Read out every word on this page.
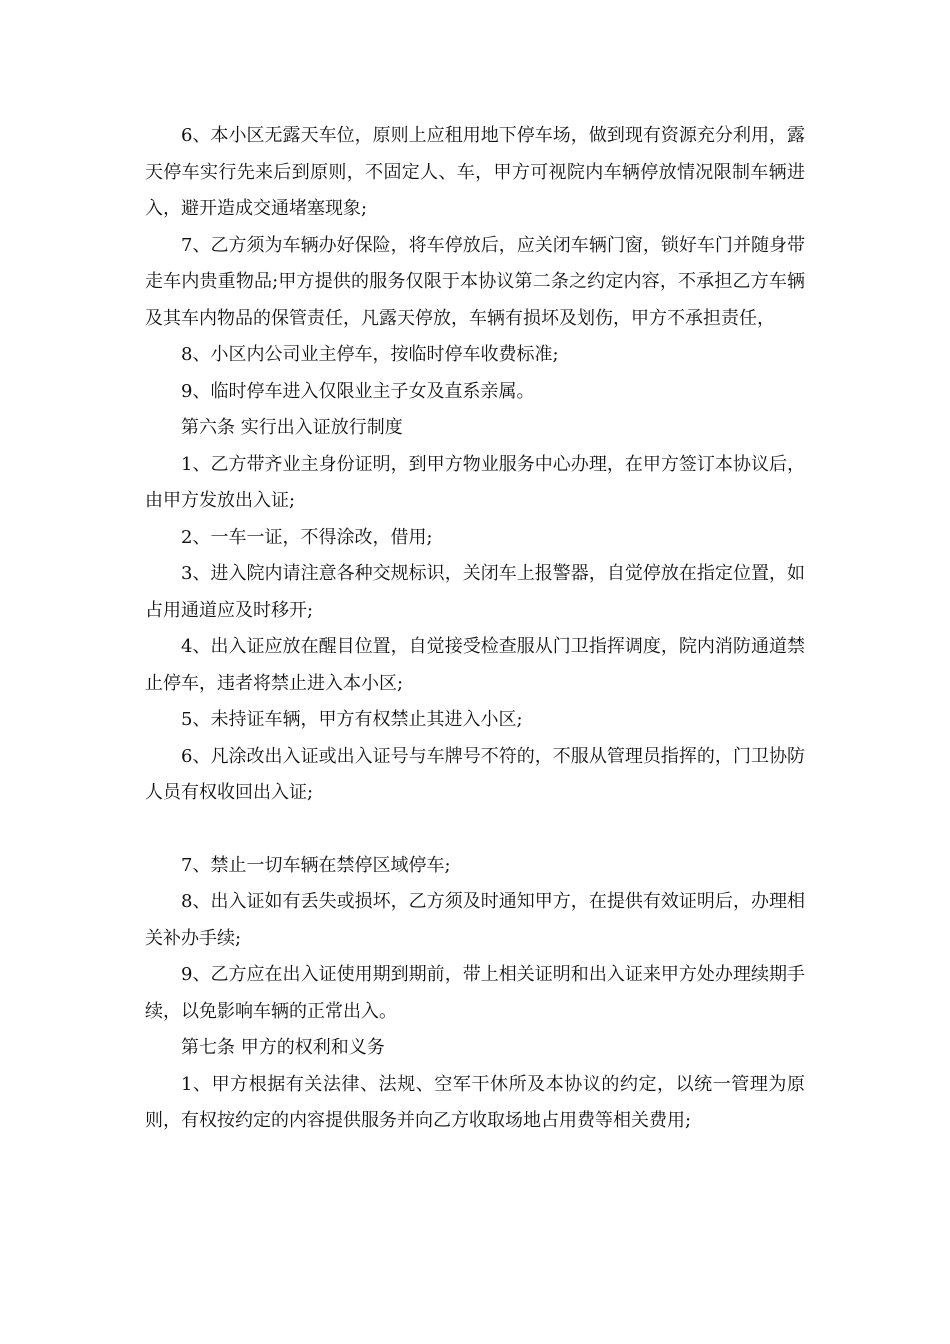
6、本小区无露天车位，原则上应租用地下停车场，做到现有资源充分利用，露天停车实行先来后到原则，不固定人、车，甲方可视院内车辆停放情况限制车辆进入，避开造成交通堵塞现象;

7、乙方须为车辆办好保险，将车停放后，应关闭车辆门窗，锁好车门并随身带走车内贵重物品;甲方提供的服务仅限于本协议第二条之约定内容，不承担乙方车辆及其车内物品的保管责任，凡露天停放，车辆有损坏及划伤，甲方不承担责任，

8、小区内公司业主停车，按临时停车收费标准;

9、临时停车进入仅限业主子女及直系亲属。

第六条 实行出入证放行制度

1、乙方带齐业主身份证明，到甲方物业服务中心办理，在甲方签订本协议后，由甲方发放出入证;

2、一车一证，不得涂改，借用;

3、进入院内请注意各种交规标识，关闭车上报警器，自觉停放在指定位置，如占用通道应及时移开;

4、出入证应放在醒目位置，自觉接受检查服从门卫指挥调度，院内消防通道禁止停车，违者将禁止进入本小区;

5、未持证车辆，甲方有权禁止其进入小区;

6、凡涂改出入证或出入证号与车牌号不符的，不服从管理员指挥的，门卫协防人员有权收回出入证;

7、禁止一切车辆在禁停区域停车;

8、出入证如有丢失或损坏，乙方须及时通知甲方，在提供有效证明后，办理相关补办手续;

9、乙方应在出入证使用期到期前，带上相关证明和出入证来甲方处办理续期手续，以免影响车辆的正常出入。

第七条 甲方的权利和义务

1、甲方根据有关法律、法规、空军干休所及本协议的约定，以统一管理为原则，有权按约定的内容提供服务并向乙方收取场地占用费等相关费用;
